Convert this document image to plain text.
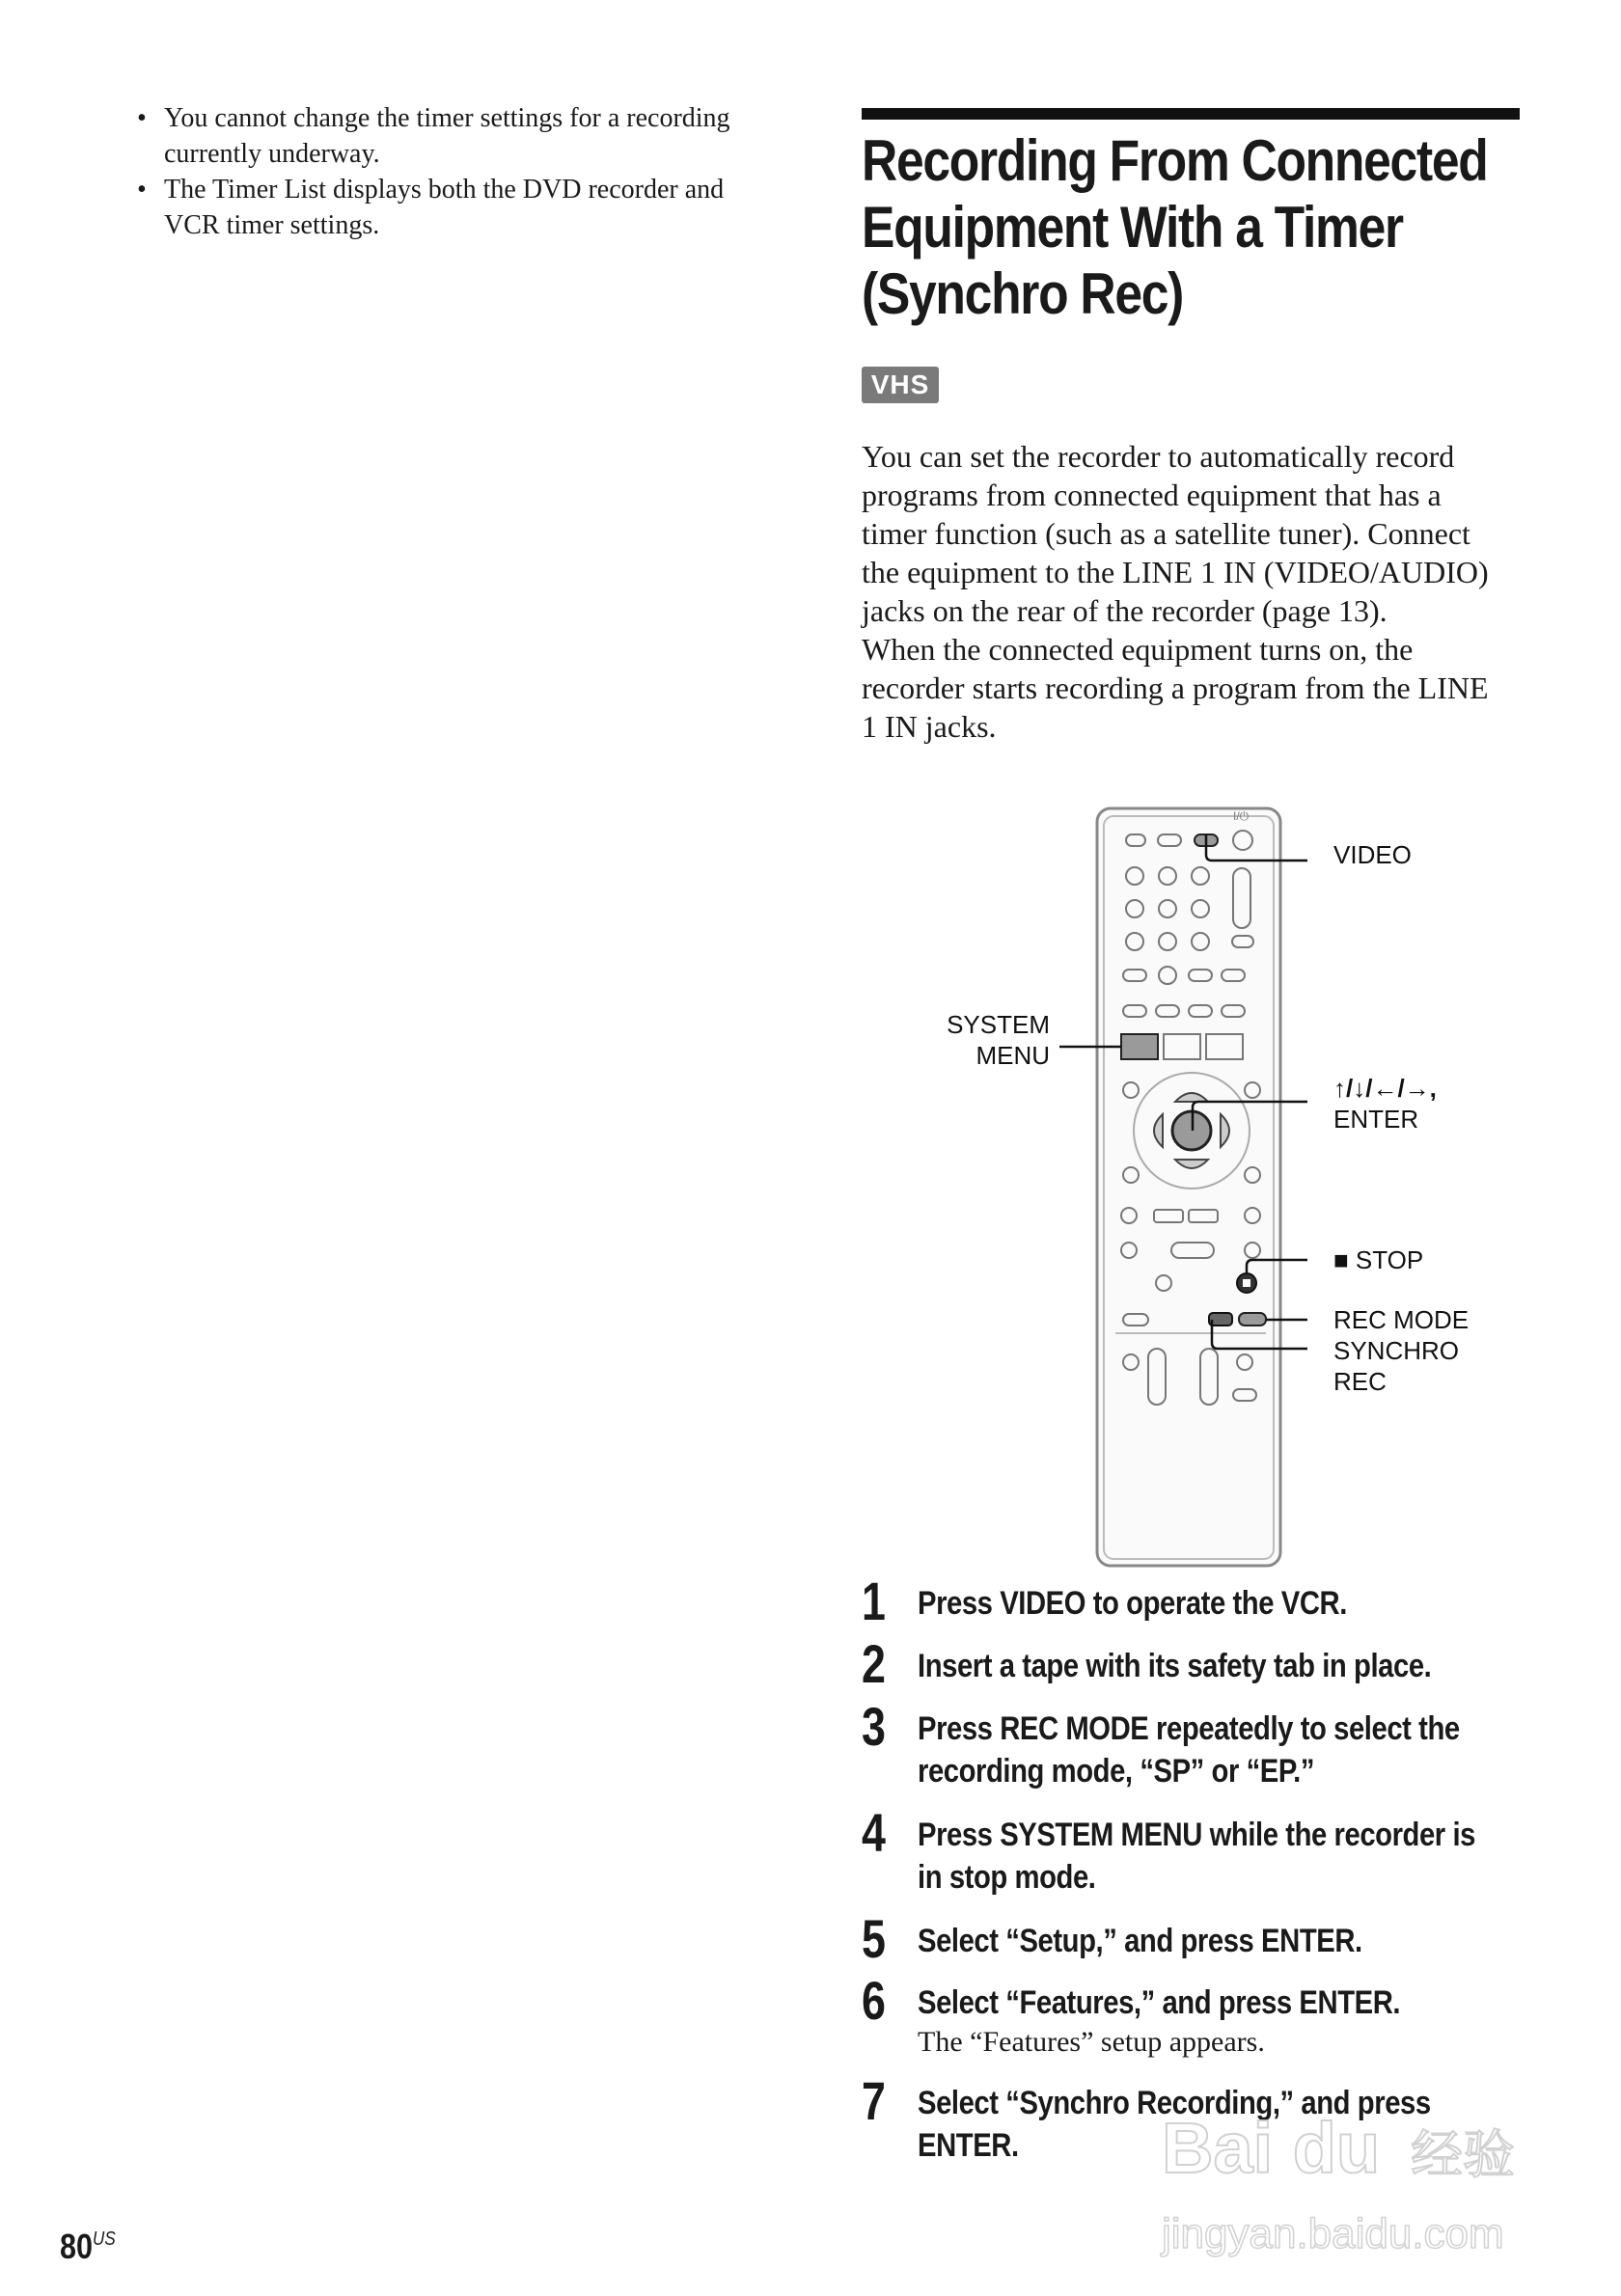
• You cannot change the timer settings for a recording
currently underway.
• The Timer List displays both the DVD recorder and
VCR timer settings.
Recording From Connected
Equipment With a Timer
(Synchro Rec)
VHS
You can set the recorder to automatically record
programs from connected equipment that has a
timer function (such as a satellite tuner). Connect
the equipment to the LINE 1 IN (VIDEO/AUDIO)
jacks on the rear of the recorder (page 13).
When the connected equipment turns on, the
recorder starts recording a program from the LINE
1 IN jacks.
I/⏻
VIDEO
SYSTEM
MENU
↑/↓/←/→,
ENTER
■ STOP
REC MODE
SYNCHRO
REC
1 Press VIDEO to operate the VCR.
2 Insert a tape with its safety tab in place.
3 Press REC MODE repeatedly to select the
recording mode, “SP” or “EP.”
4 Press SYSTEM MENU while the recorder is
in stop mode.
5 Select “Setup,” and press ENTER.
6 Select “Features,” and press ENTER.
The “Features” setup appears.
7 Select “Synchro Recording,” and press
ENTER.	Bai du 经验
jingyan.baidu.com
$80^{US}$
